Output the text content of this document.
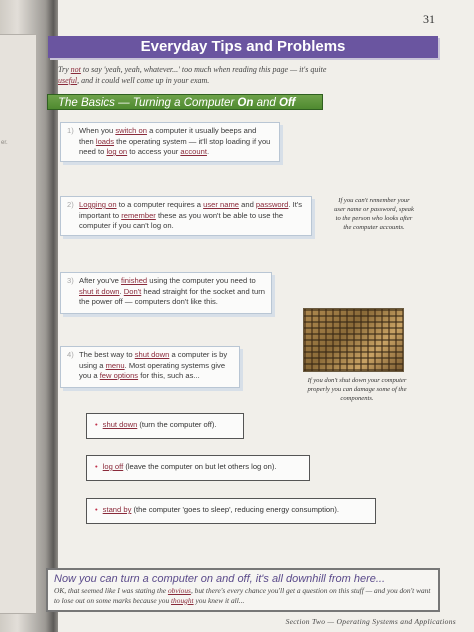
er.
31
Everyday Tips and Problems
Try not to say 'yeah, yeah, whatever...' too much when reading this page — it's quite useful, and it could well come up in your exam.
The Basics — Turning a Computer On and Off
1) When you switch on a computer it usually beeps and then loads the operating system — it'll stop loading if you need to log on to access your account.
2) Logging on to a computer requires a user name and password. It's important to remember these as you won't be able to use the computer if you can't log on.
If you can't remember your user name or password, speak to the person who looks after the computer accounts.
3) After you've finished using the computer you need to shut it down. Don't head straight for the socket and turn the power off — computers don't like this.
If you don't shut down your computer properly you can damage some of the components.
4) The best way to shut down a computer is by using a menu. Most operating systems give you a few options for this, such as...
• shut down (turn the computer off).
• log off (leave the computer on but let others log on).
• stand by (the computer 'goes to sleep', reducing energy consumption).
Now you can turn a computer on and off, it's all downhill from here...
OK, that seemed like I was stating the obvious, but there's every chance you'll get a question on this stuff — and you don't want to lose out on some marks because you thought you knew it all...
Section Two — Operating Systems and Applications
